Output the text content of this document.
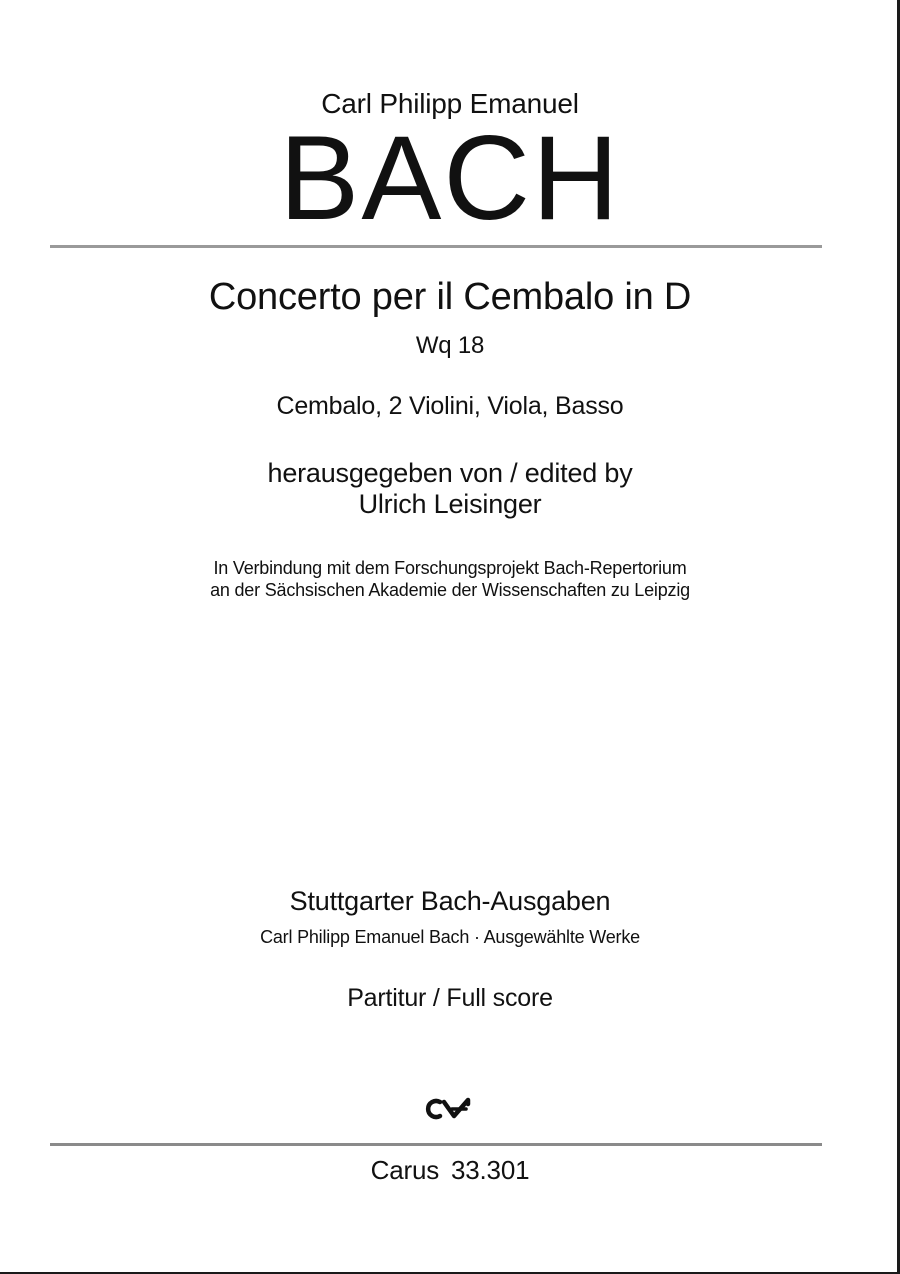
Carl Philipp Emanuel
BACH
Concerto per il Cembalo in D
Wq 18
Cembalo, 2 Violini, Viola, Basso
herausgegeben von / edited by
Ulrich Leisinger
In Verbindung mit dem Forschungsprojekt Bach-Repertorium
an der Sächsischen Akademie der Wissenschaften zu Leipzig
Stuttgarter Bach-Ausgaben
Carl Philipp Emanuel Bach · Ausgewählte Werke
Partitur / Full score
Carus 33.301
